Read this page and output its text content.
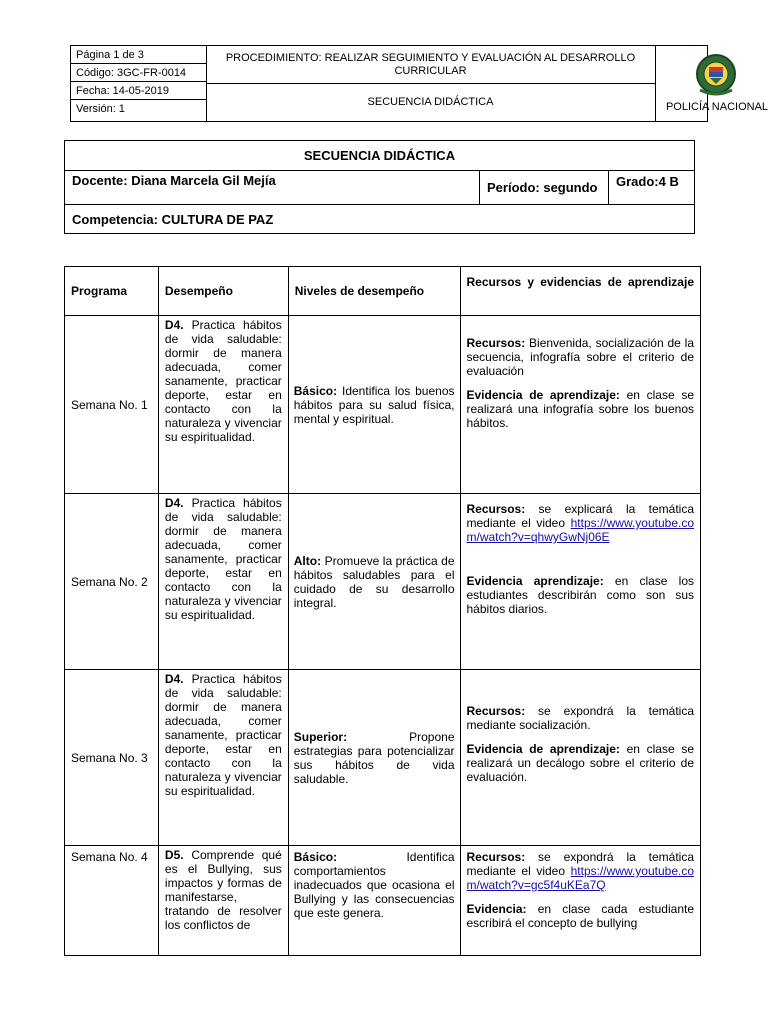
Página 1 de 3
Código: 3GC-FR-0014
Fecha: 14-05-2019
Versión: 1
PROCEDIMIENTO: REALIZAR SEGUIMIENTO Y EVALUACIÓN AL DESARROLLO CURRICULAR
SECUENCIA DIDÁCTICA	POLICÍA NACIONAL
SECUENCIA DIDÁCTICA
Docente: Diana Marcela Gil Mejía	Período: segundo	Grado:4 B
Competencia: CULTURA DE PAZ
Programa	Desempeño	Niveles de desempeño	Recursos y evidencias de aprendizaje

Semana No. 1	D4. Practica hábitos de vida saludable: dormir de manera adecuada, comer sanamente, practicar deporte, estar en contacto con la naturaleza y vivenciar su espiritualidad.	Básico: Identifica los buenos hábitos para su salud física, mental y espiritual.	Recursos: Bienvenida, socialización de la secuencia, infografía sobre el criterio de evaluación

Evidencia de aprendizaje: en clase se realizará una infografía sobre los buenos hábitos.

Semana No. 2	D4. Practica hábitos de vida saludable: dormir de manera adecuada, comer sanamente, practicar deporte, estar en contacto con la naturaleza y vivenciar su espiritualidad.	Alto: Promueve la práctica de hábitos saludables para el cuidado de su desarrollo integral.	Recursos: se explicará la temática mediante el video https://www.youtube.com/watch?v=qhwyGwNj06E

Evidencia aprendizaje: en clase los estudiantes describirán como son sus hábitos diarios.

Semana No. 3	D4. Practica hábitos de vida saludable: dormir de manera adecuada, comer sanamente, practicar deporte, estar en contacto con la naturaleza y vivenciar su espiritualidad.	Superior: Propone estrategias para potencializar sus hábitos de vida saludable.	Recursos: se expondrá la temática mediante socialización.

Evidencia de aprendizaje: en clase se realizará un decálogo sobre el criterio de evaluación.

Semana No. 4	D5. Comprende qué es el Bullying, sus impactos y formas de manifestarse, tratando de resolver los conflictos de	Básico: Identifica comportamientos inadecuados que ocasiona el Bullying y las consecuencias que este genera.	Recursos: se expondrá la temática mediante el video https://www.youtube.com/watch?v=gc5f4uKEa7Q

Evidencia: en clase cada estudiante escribirá el concepto de bullying
